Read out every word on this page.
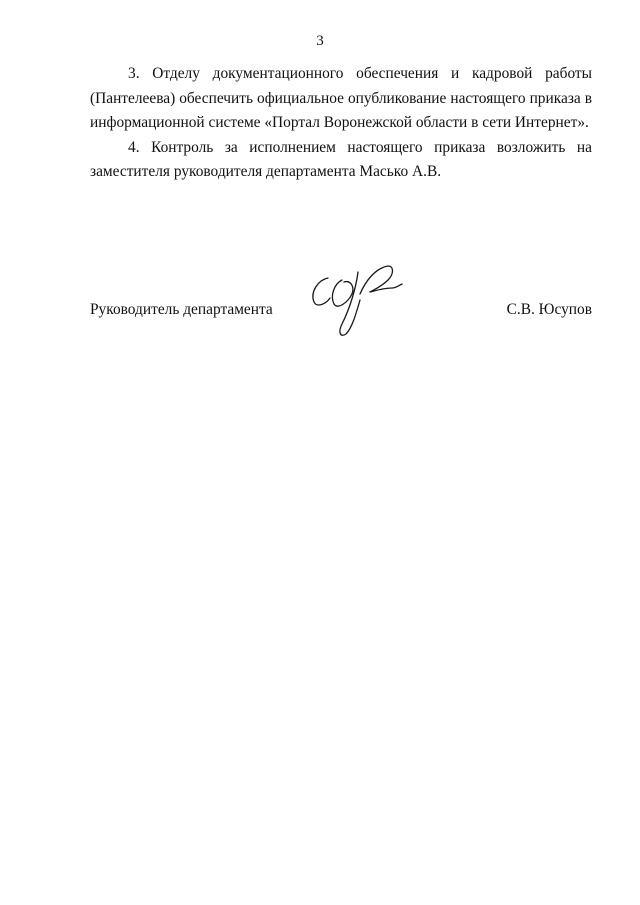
3

3. Отделу документационного обеспечения и кадровой работы (Пантелеева) обеспечить официальное опубликование настоящего приказа в информационной системе «Портал Воронежской области в сети Интернет».

4. Контроль за исполнением настоящего приказа возложить на заместителя руководителя департамента Масько А.В.

Руководитель департамента	С.В. Юсупов
